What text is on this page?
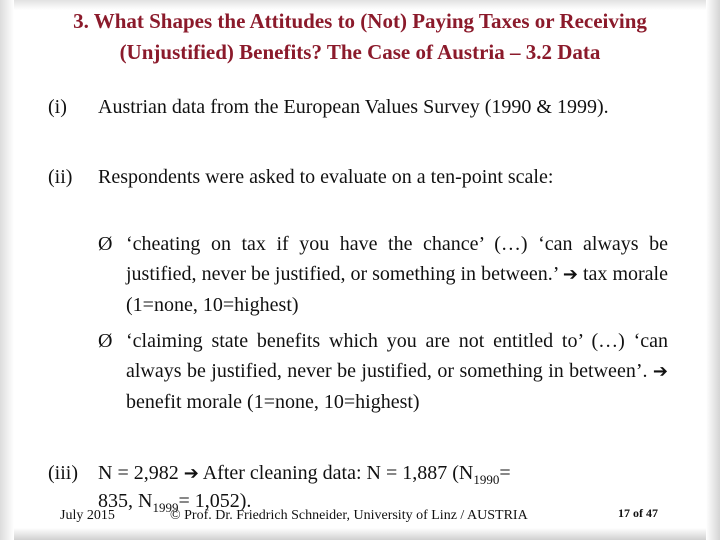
3. What Shapes the Attitudes to (Not) Paying Taxes or Receiving
(Unjustified) Benefits? The Case of Austria – 3.2 Data
(i) Austrian data from the European Values Survey (1990 & 1999).
(ii) Respondents were asked to evaluate on a ten-point scale:
Ø ‘cheating on tax if you have the chance’ (…) ‘can always be justified, never be justified, or something in between.’ ➔ tax morale (1=none, 10=highest)
Ø ‘claiming state benefits which you are not entitled to’ (…) ‘can always be justified, never be justified, or something in between’. ➔ benefit morale (1=none, 10=highest)
(iii) N = 2,982 ➔ After cleaning data: N = 1,887 ($N_{1990}=$
835, $N_{1999}= 1,052$).
July 2015	© Prof. Dr. Friedrich Schneider, University of Linz / AUSTRIA	17 of 47
